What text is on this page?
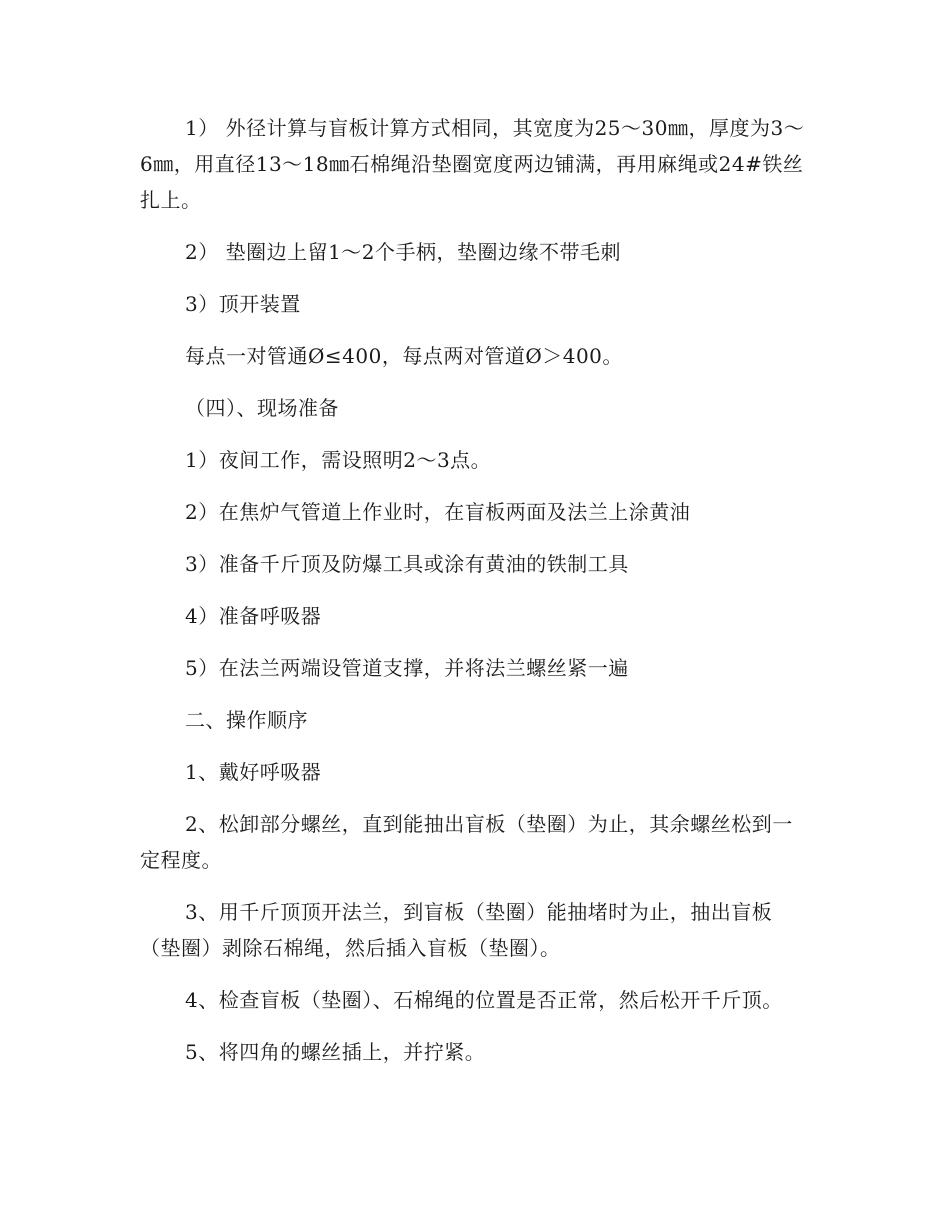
1） 外径计算与盲板计算方式相同，其宽度为25～30㎜，厚度为3～6㎜，用直径13～18㎜石棉绳沿垫圈宽度两边铺满，再用麻绳或24#铁丝扎上。

2） 垫圈边上留1～2个手柄，垫圈边缘不带毛刺

3）顶开装置

每点一对管通Ø≤400，每点两对管道Ø＞400。

（四）、现场准备

1）夜间工作，需设照明2～3点。

2）在焦炉气管道上作业时，在盲板两面及法兰上涂黄油

3）准备千斤顶及防爆工具或涂有黄油的铁制工具

4）准备呼吸器

5）在法兰两端设管道支撑，并将法兰螺丝紧一遍

二、操作顺序

1、戴好呼吸器

2、松卸部分螺丝，直到能抽出盲板（垫圈）为止，其余螺丝松到一定程度。

3、用千斤顶顶开法兰，到盲板（垫圈）能抽堵时为止，抽出盲板（垫圈）剥除石棉绳，然后插入盲板（垫圈）。

4、检查盲板（垫圈）、石棉绳的位置是否正常，然后松开千斤顶。

5、将四角的螺丝插上，并拧紧。
